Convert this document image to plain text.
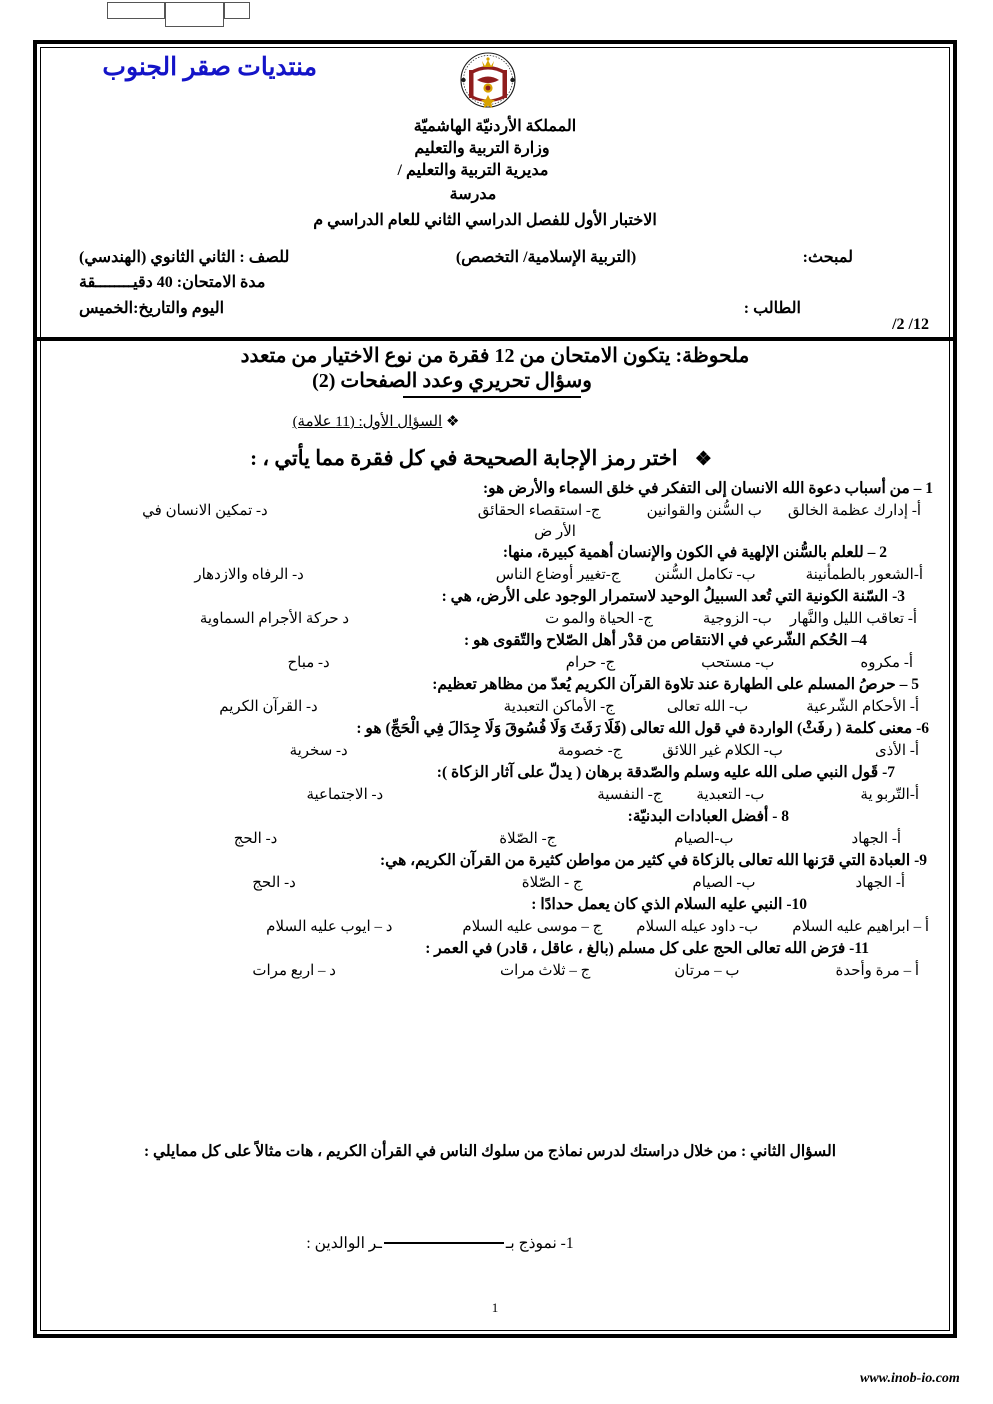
منتديات صقر الجنوب
المملكة الأردنيّة الهاشميّة
وزارة التربية والتعليم
مديرية التربية والتعليم /
مدرسة
الاختبار الأول للفصل الدراسي الثاني للعام الدراسي م
لمبحث:
(التربية الإسلامية/ التخصص)
للصف : الثاني الثانوي (الهندسي)
مدة الامتحان: 40 دقيــــــــقة
الطالب :
اليوم والتاريخ:الخميس
12/ 2/
ملحوظة: يتكون الامتحان من 12 فقرة من نوع الاختيار من متعدد
وسؤال تحريري وعدد الصفحات (2)
❖ السؤال الأول: (11 علامة)
❖ اختر رمز الإجابة الصحيحة في كل فقرة مما يأتي ، :
1 – من أسباب دعوة الله الانسان إلى التفكر في خلق السماء والأرض هو:
أ- إدارك عظمة الخالق
ب السُّنن والقوانين
ج- استقصاء الحقائق
د- تمكين الانسان في
الأر ض
2 – للعلم بالسُّنن الإلهية في الكون والإنسان أهمية كبيرة، منها:
أ-الشعور بالطمأنينة
ب- تكامل السُّنن
ج-تغيير أوضاع الناس
د- الرفاه والازدهار
3- السّنة الكونية التي تُعد السبيلُ الوحيد لاستمرار الوجود على الأرض، هي :
أ- تعاقب الليل والنَّهار
ب- الزوجية
ج- الحياة والمو ت
د حركة الأجرام السماوية
4– الحُكم الشّرعي في الانتقاص من قدْر أهل الصّلاح والتّقوى هو :
أ- مكروه
ب- مستحب
ج- حرام
د- مباح
5 – حرصُ المسلم على الطهارة عند تلاوة القرآن الكريم يُعدّ من مظاهر تعظيم:
أ- الأحكام الشّرعية
ب- الله تعالى
ج- الأماكن التعبدية
د- القرآن الكريم
6- معنى كلمة ( رفَثْ) الواردة في قول الله تعالى (فَلَا رَفَثَ وَلَا فُسُوقَ وَلَا جِدَالَ فِي الْحَجِّ) هو :
أ- الأذى
ب- الكلام غير اللائق
ج- خصومة
د- سخرية
7- قَول النبي صلى الله عليه وسلم والصّدقة برهان ( يدلّ على آثار الزكاة ):
أ-التّربو ية
ب- التعبدية
ج- النفسية
د- الاجتماعية
8 - أفضل العبادات البدنيّة:
أ- الجهاد
ب-الصيام
ج- الصّلاة
د- الحج
9- العبادة التي قرَنها الله تعالى بالزكاة في كثير من مواطن كثيرة من القرآن الكريم، هي:
أ- الجهاد
ب- الصيام
ج - الصّلاة
د- الحج
10- النبي عليه السلام الذي كان يعمل حدادًا :
أ – ابراهيم عليه السلام
ب- داود عيله السلام
ج – موسى عليه السلام
د – ايوب عليه السلام
11- فرَض الله تعالى الحج على كل مسلم (بالغ ، عاقل ، قادر) في العمر :
أ – مرة وأحدة
ب – مرتان
ج – ثلاث مرات
د – اربع مرات
السؤال الثاني : من خلال دراستك لدرس نماذج من سلوك الناس في القرأن الكريم ، هات مثالاً على كل ممايلي :
1- نموذج بــر الوالدين :
1
www.inob-io.com
